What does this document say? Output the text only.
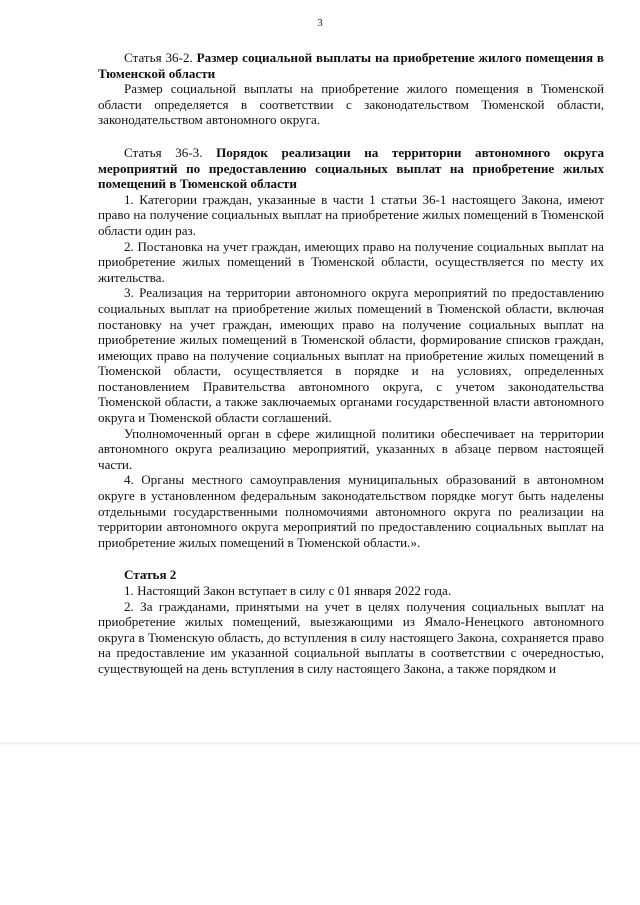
3

Статья 36-2. Размер социальной выплаты на приобретение жилого помещения в Тюменской области

Размер социальной выплаты на приобретение жилого помещения в Тюменской области определяется в соответствии с законодательством Тюменской области, законодательством автономного округа.

Статья 36-3. Порядок реализации на территории автономного округа мероприятий по предоставлению социальных выплат на приобретение жилых помещений в Тюменской области

1. Категории граждан, указанные в части 1 статьи 36-1 настоящего Закона, имеют право на получение социальных выплат на приобретение жилых помещений в Тюменской области один раз.

2. Постановка на учет граждан, имеющих право на получение социальных выплат на приобретение жилых помещений в Тюменской области, осуществляется по месту их жительства.

3. Реализация на территории автономного округа мероприятий по предоставлению социальных выплат на приобретение жилых помещений в Тюменской области, включая постановку на учет граждан, имеющих право на получение социальных выплат на приобретение жилых помещений в Тюменской области, формирование списков граждан, имеющих право на получение социальных выплат на приобретение жилых помещений в Тюменской области, осуществляется в порядке и на условиях, определенных постановлением Правительства автономного округа, с учетом законодательства Тюменской области, а также заключаемых органами государственной власти автономного округа и Тюменской области соглашений.

Уполномоченный орган в сфере жилищной политики обеспечивает на территории автономного округа реализацию мероприятий, указанных в абзаце первом настоящей части.

4. Органы местного самоуправления муниципальных образований в автономном округе в установленном федеральным законодательством порядке могут быть наделены отдельными государственными полномочиями автономного округа по реализации на территории автономного округа мероприятий по предоставлению социальных выплат на приобретение жилых помещений в Тюменской области.».

Статья 2

1. Настоящий Закон вступает в силу с 01 января 2022 года.

2. За гражданами, принятыми на учет в целях получения социальных выплат на приобретение жилых помещений, выезжающими из Ямало-Ненецкого автономного округа в Тюменскую область, до вступления в силу настоящего Закона, сохраняется право на предоставление им указанной социальной выплаты в соответствии с очередностью, существующей на день вступления в силу настоящего Закона, а также порядком и
